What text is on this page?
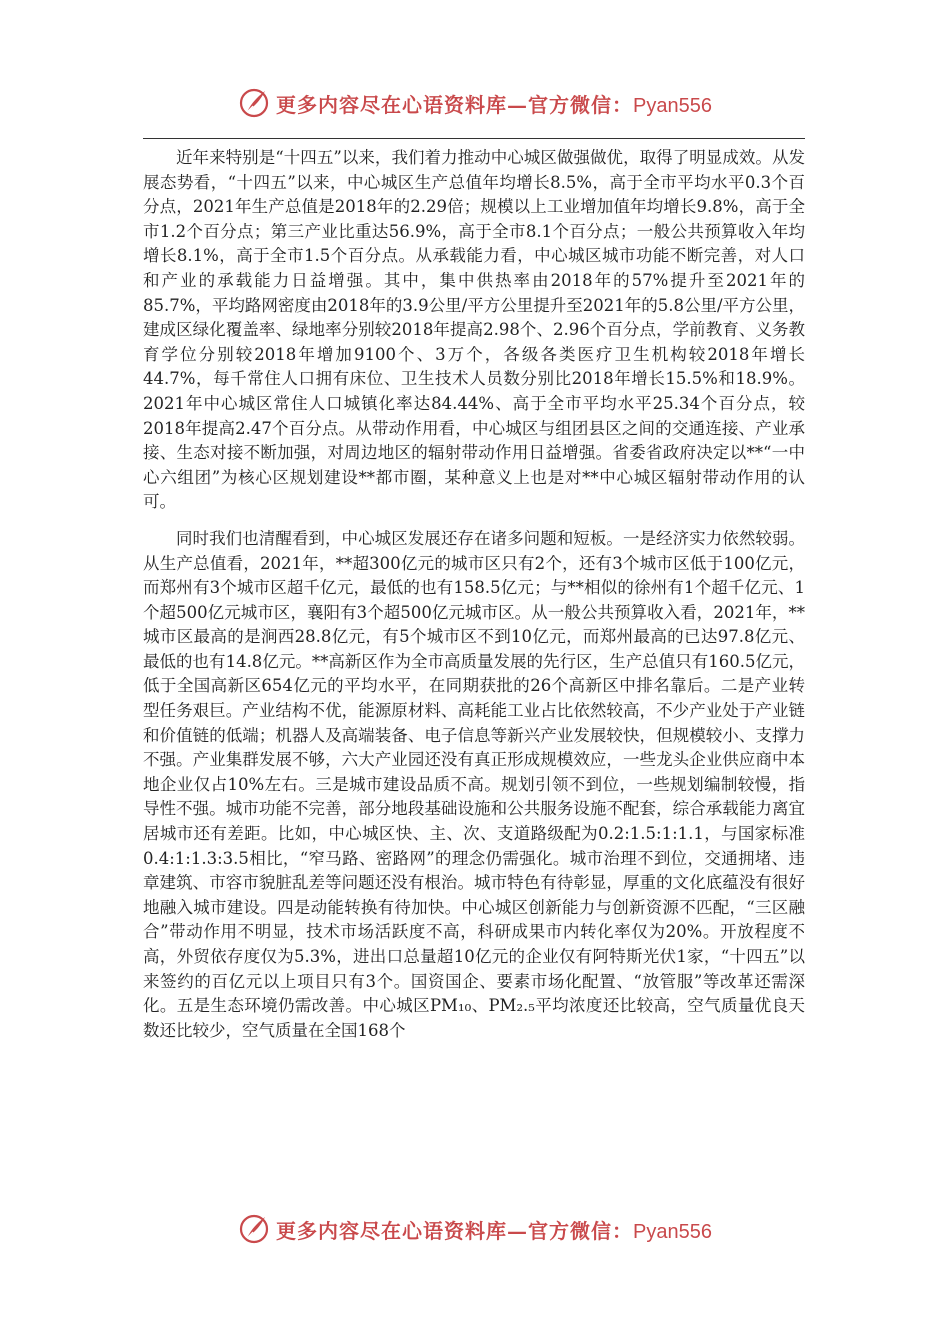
更多内容尽在心语资料库—官方微信：Pyan556

近年来特别是“十四五”以来，我们着力推动中心城区做强做优，取得了明显成效。从发展态势看，“十四五”以来，中心城区生产总值年均增长8.5%，高于全市平均水平0.3个百分点，2021年生产总值是2018年的2.29倍；规模以上工业增加值年均增长9.8%，高于全市1.2个百分点；第三产业比重达56.9%，高于全市8.1个百分点；一般公共预算收入年均增长8.1%，高于全市1.5个百分点。从承载能力看，中心城区城市功能不断完善，对人口和产业的承载能力日益增强。其中，集中供热率由2018年的57%提升至2021年的85.7%，平均路网密度由2018年的3.9公里/平方公里提升至2021年的5.8公里/平方公里，建成区绿化覆盖率、绿地率分别较2018年提高2.98个、2.96个百分点，学前教育、义务教育学位分别较2018年增加9100个、3万个，各级各类医疗卫生机构较2018年增长44.7%，每千常住人口拥有床位、卫生技术人员数分别比2018年增长15.5%和18.9%。2021年中心城区常住人口城镇化率达84.44%、高于全市平均水平25.34个百分点，较2018年提高2.47个百分点。从带动作用看，中心城区与组团县区之间的交通连接、产业承接、生态对接不断加强，对周边地区的辐射带动作用日益增强。省委省政府决定以**“一中心六组团”为核心区规划建设**都市圈，某种意义上也是对**中心城区辐射带动作用的认可。

同时我们也清醒看到，中心城区发展还存在诸多问题和短板。一是经济实力依然较弱。从生产总值看，2021年，**超300亿元的城市区只有2个，还有3个城市区低于100亿元，而郑州有3个城市区超千亿元，最低的也有158.5亿元；与**相似的徐州有1个超千亿元、1个超500亿元城市区，襄阳有3个超500亿元城市区。从一般公共预算收入看，2021年，**城市区最高的是涧西28.8亿元，有5个城市区不到10亿元，而郑州最高的已达97.8亿元、最低的也有14.8亿元。**高新区作为全市高质量发展的先行区，生产总值只有160.5亿元，低于全国高新区654亿元的平均水平，在同期获批的26个高新区中排名靠后。二是产业转型任务艰巨。产业结构不优，能源原材料、高耗能工业占比依然较高，不少产业处于产业链和价值链的低端；机器人及高端装备、电子信息等新兴产业发展较快，但规模较小、支撑力不强。产业集群发展不够，六大产业园还没有真正形成规模效应，一些龙头企业供应商中本地企业仅占10%左右。三是城市建设品质不高。规划引领不到位，一些规划编制较慢，指导性不强。城市功能不完善，部分地段基础设施和公共服务设施不配套，综合承载能力离宜居城市还有差距。比如，中心城区快、主、次、支道路级配为0.2:1.5:1:1.1，与国家标准0.4:1:1.3:3.5相比，“窄马路、密路网”的理念仍需强化。城市治理不到位，交通拥堵、违章建筑、市容市貌脏乱差等问题还没有根治。城市特色有待彰显，厚重的文化底蕴没有很好地融入城市建设。四是动能转换有待加快。中心城区创新能力与创新资源不匹配，“三区融合”带动作用不明显，技术市场活跃度不高，科研成果市内转化率仅为20%。开放程度不高，外贸依存度仅为5.3%，进出口总量超10亿元的企业仅有阿特斯光伏1家，“十四五”以来签约的百亿元以上项目只有3个。国资国企、要素市场化配置、“放管服”等改革还需深化。五是生态环境仍需改善。中心城区PM₁₀、PM₂.₅平均浓度还比较高，空气质量优良天数还比较少，空气质量在全国168个

更多内容尽在心语资料库—官方微信：Pyan556
